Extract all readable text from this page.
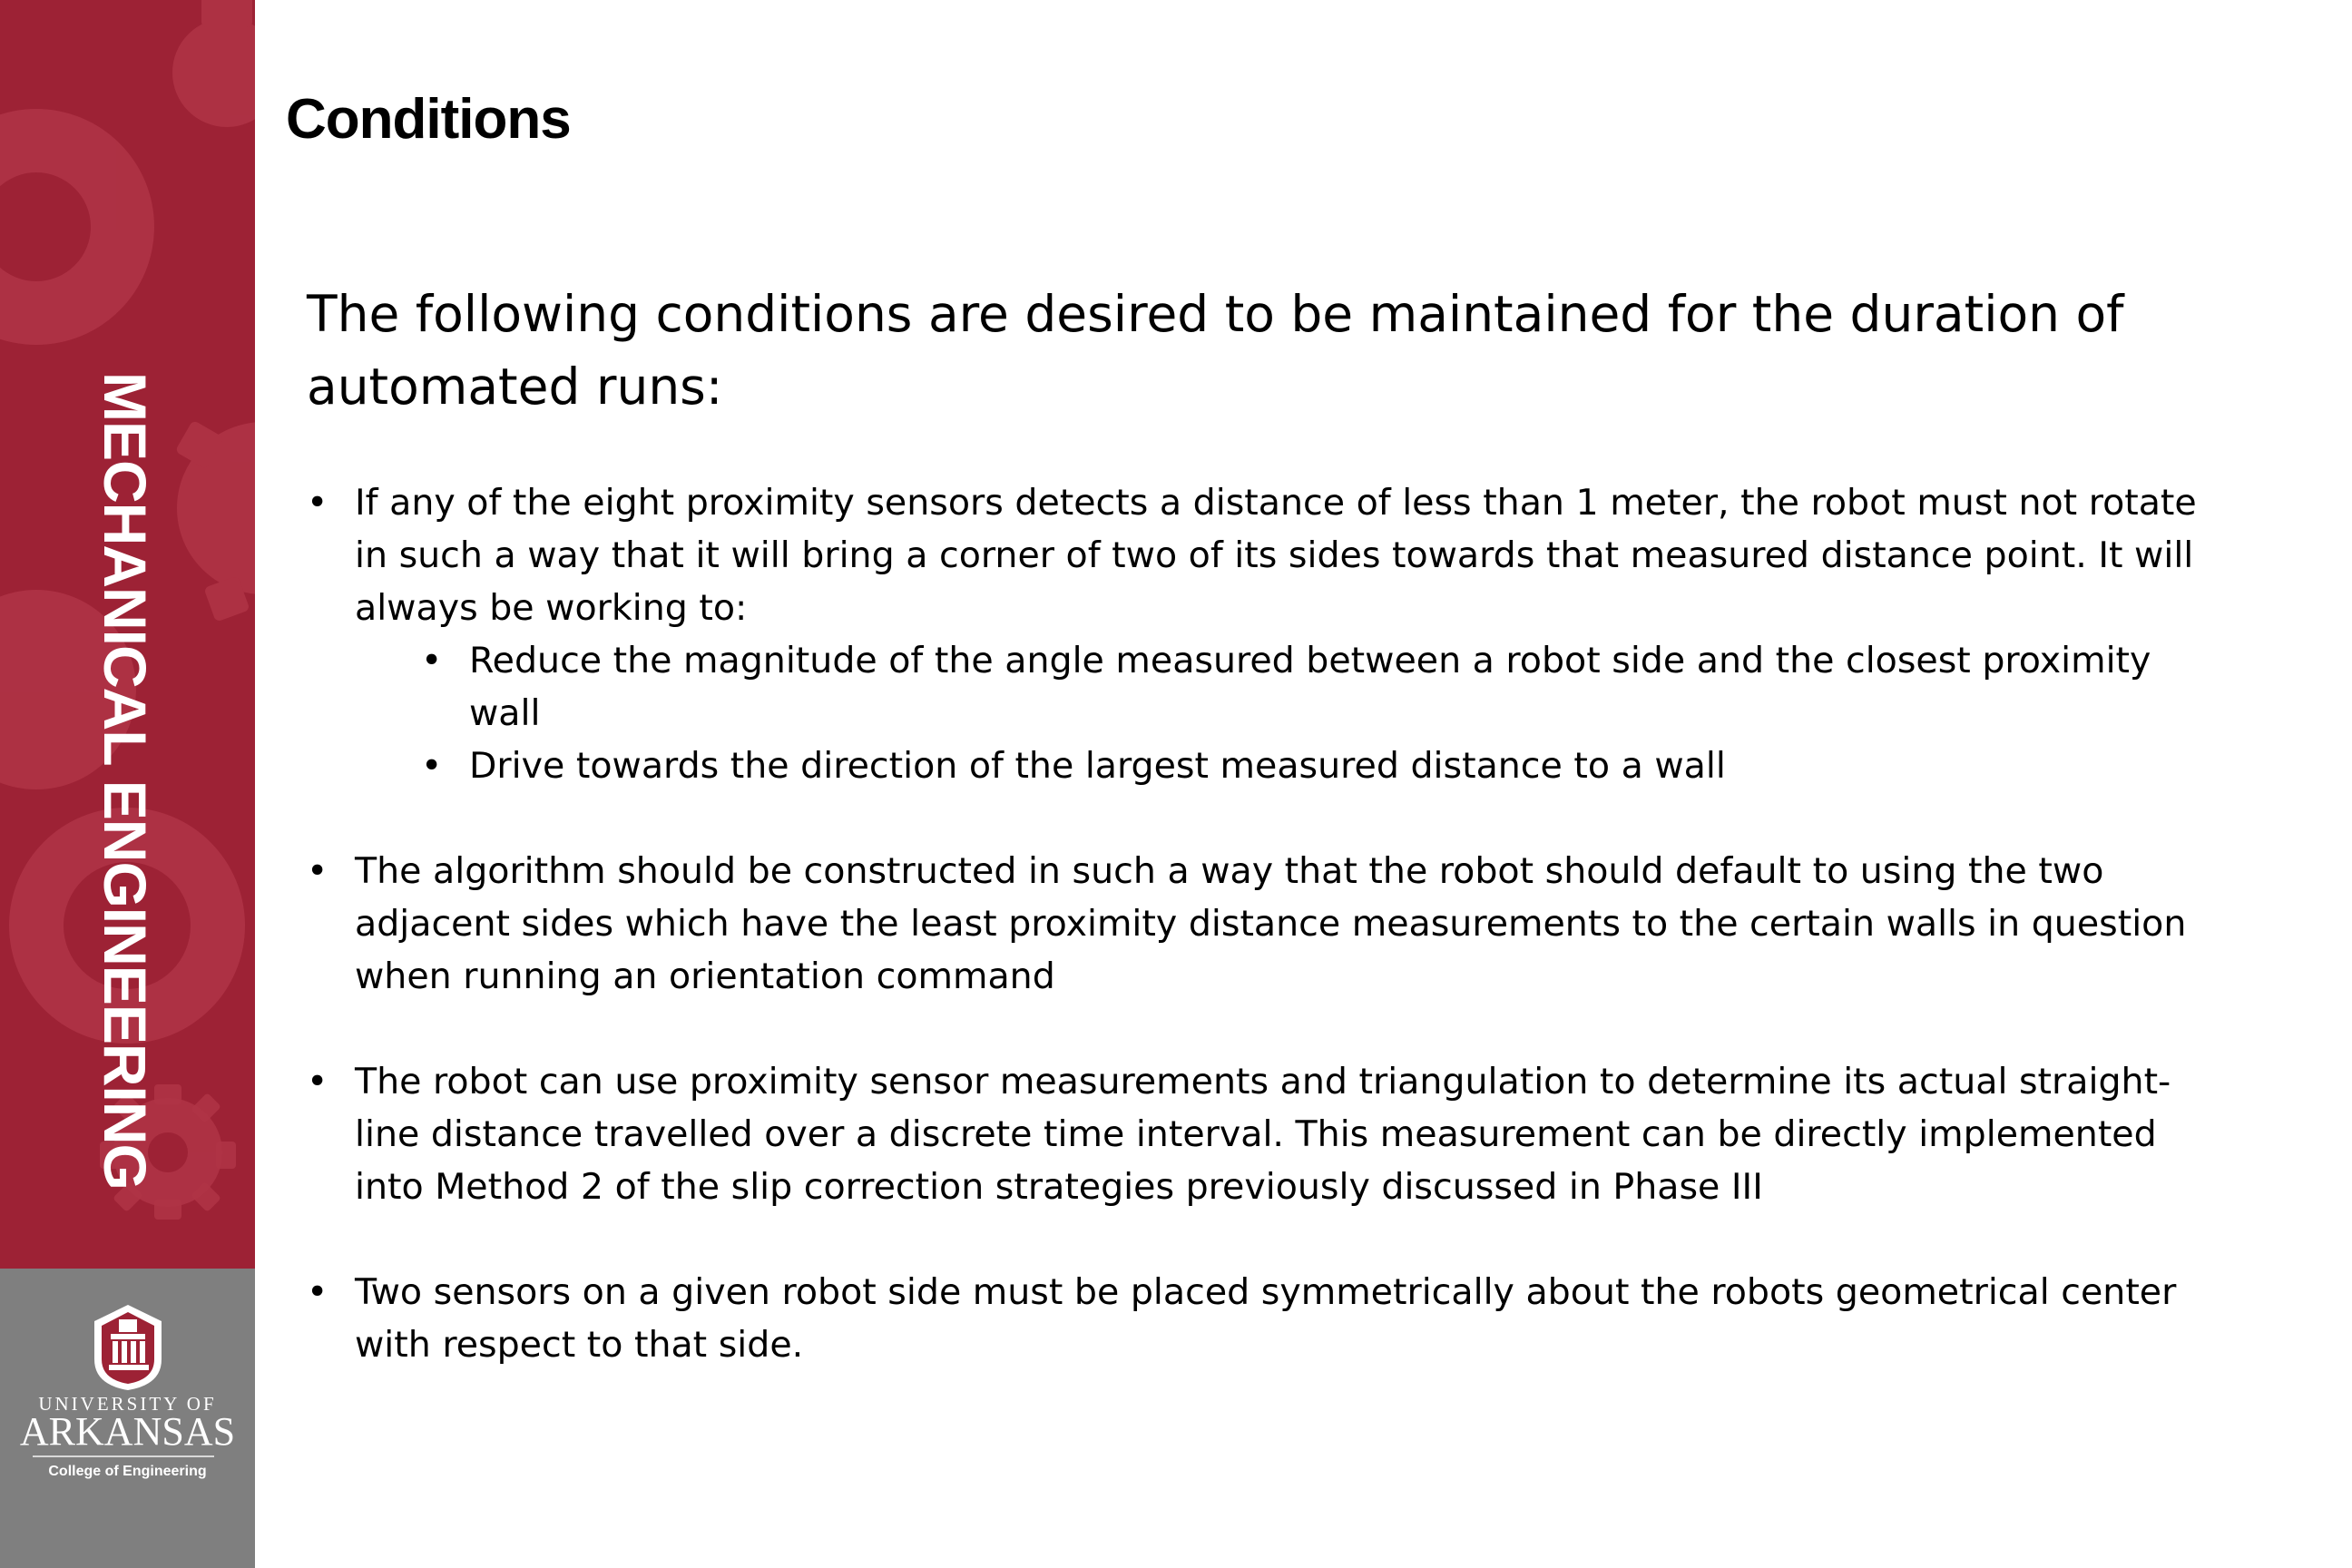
MECHANICAL ENGINEERING
UNIVERSITY OF
ARKANSAS
College of Engineering
Conditions
The following conditions are desired to be maintained for the duration of automated runs:
• If any of the eight proximity sensors detects a distance of less than 1 meter, the robot must not rotate in such a way that it will bring a corner of two of its sides towards that measured distance point. It will always be working to:
• Reduce the magnitude of the angle measured between a robot side and the closest proximity wall
• Drive towards the direction of the largest measured distance to a wall
• The algorithm should be constructed in such a way that the robot should default to using the two adjacent sides which have the least proximity distance measurements to the certain walls in question when running an orientation command
• The robot can use proximity sensor measurements and triangulation to determine its actual straight-line distance travelled over a discrete time interval. This measurement can be directly implemented into Method 2 of the slip correction strategies previously discussed in Phase III
• Two sensors on a given robot side must be placed symmetrically about the robots geometrical center with respect to that side.
